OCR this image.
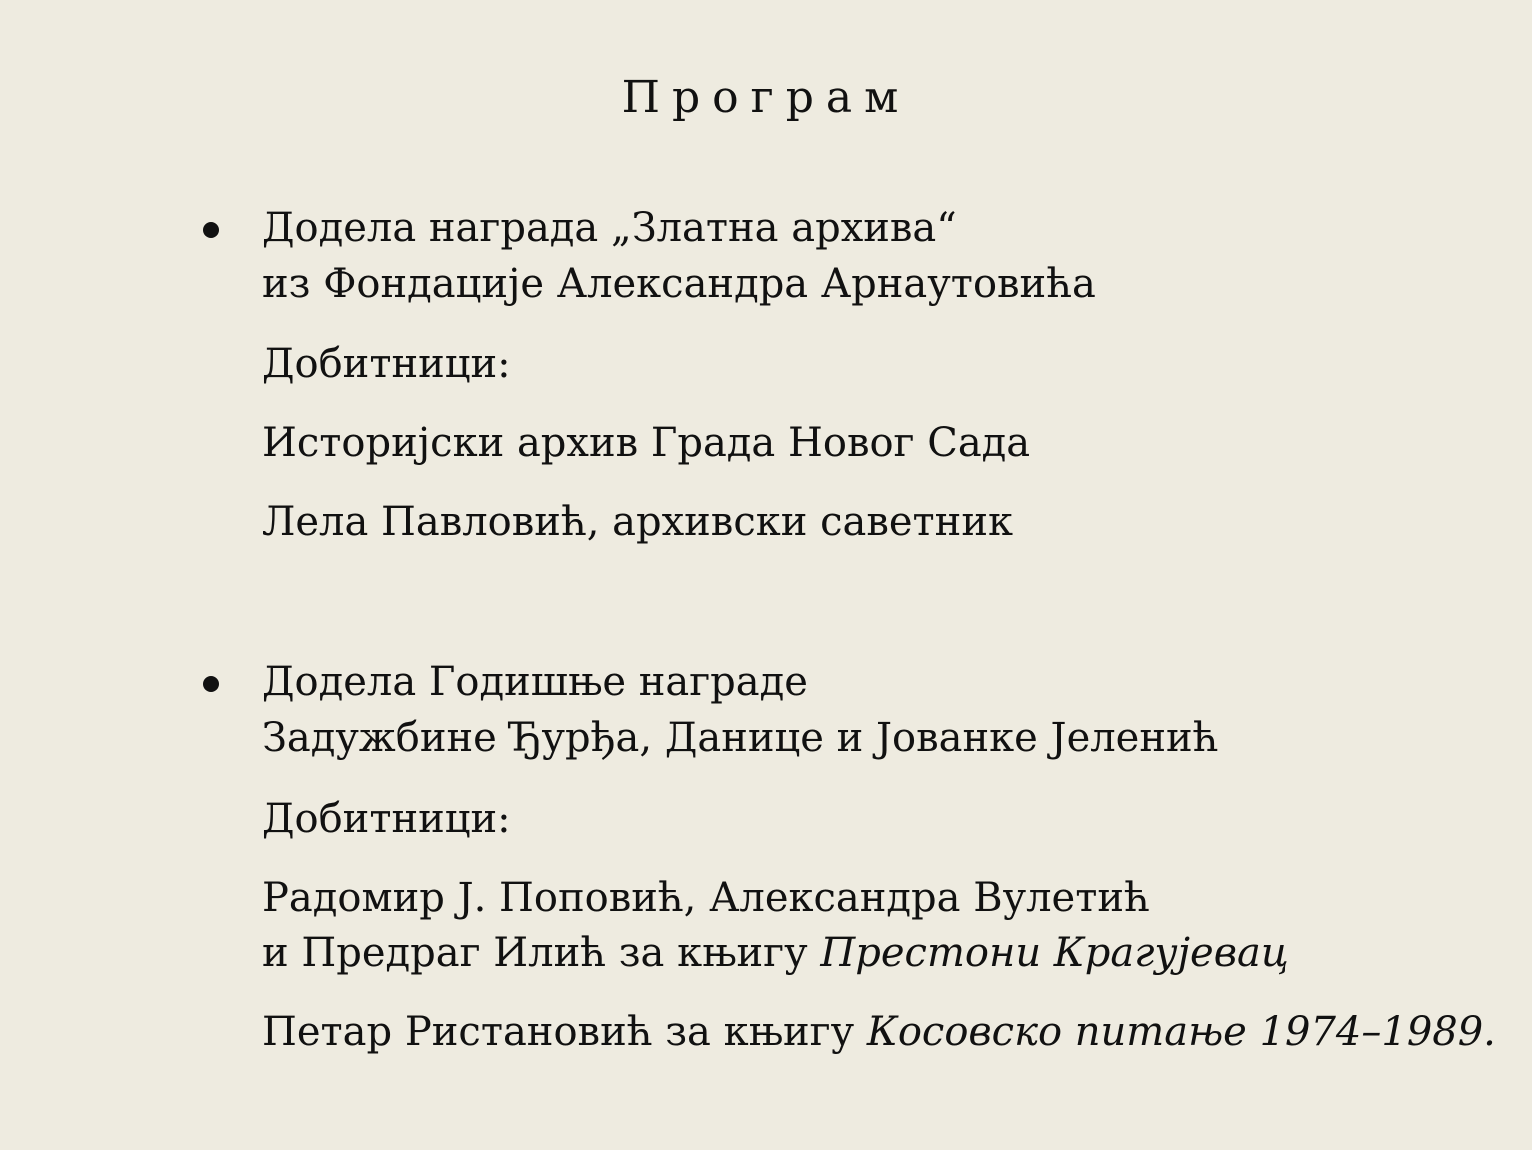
Програм
Додела награда „Златна архива“
из Фондације Александра Арнаутовића
Добитници:
Историјски архив Града Новог Сада
Лела Павловић, архивски саветник
Додела Годишње награде
Задужбине Ђурђа, Данице и Јованке Јеленић
Добитници:
Радомир Ј. Поповић, Александра Вулетић
и Предраг Илић за књигу Престони Крагујевац
Петар Ристановић за књигу Косовско питање 1974–1989.
